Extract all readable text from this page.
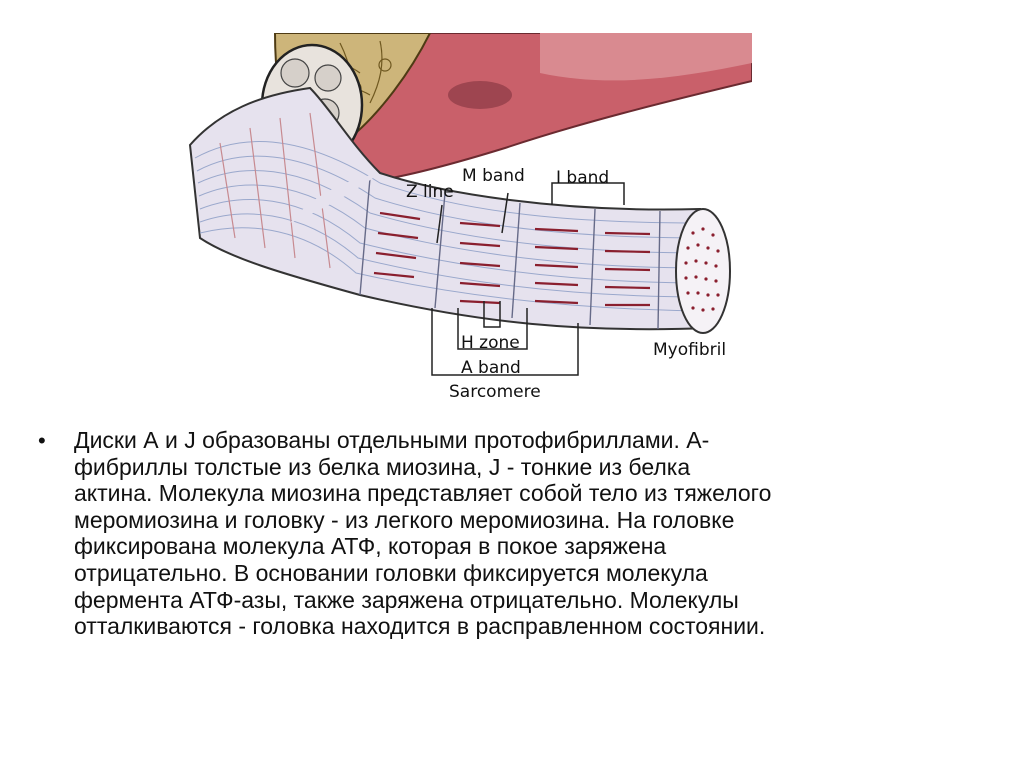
Z line
M band I band
H zone
A band
Sarcomere
Myofibril
• Диски А и J образованы отдельными протофибриллами. А-
фибриллы толстые из белка миозина, J - тонкие из белка
актина. Молекула миозина представляет собой тело из тяжелого
меромиозина и головку - из легкого меромиозина. На головке
фиксирована молекула АТФ, которая в покое заряжена
отрицательно. В основании головки фиксируется молекула
фермента АТФ-азы, также заряжена отрицательно. Молекулы
отталкиваются - головка находится в расправленном состоянии.
